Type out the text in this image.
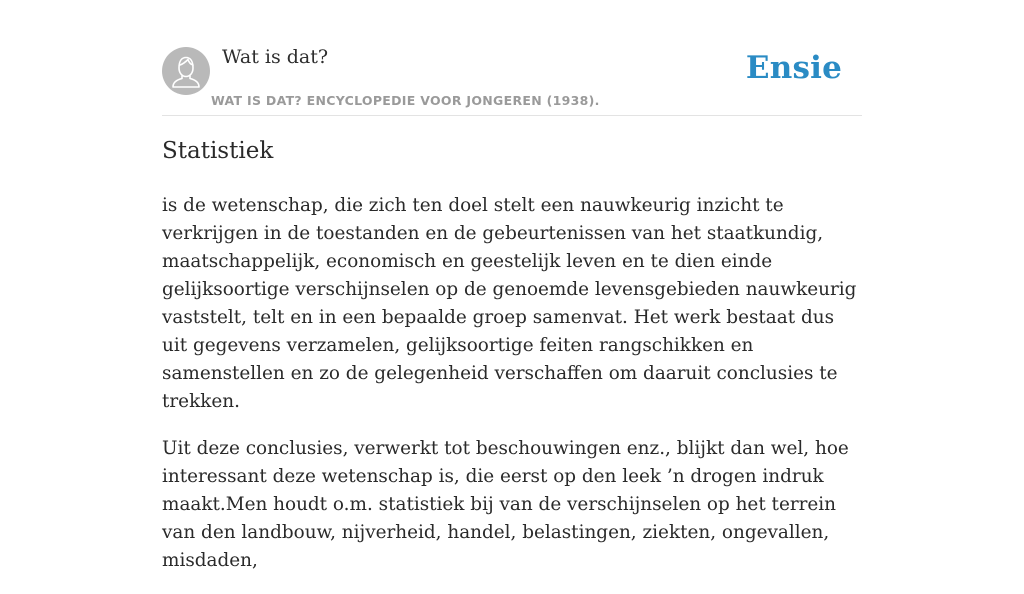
Wat is dat?
WAT IS DAT? ENCYCLOPEDIE VOOR JONGEREN (1938).
Ensie
Statistiek

is de wetenschap, die zich ten doel stelt een nauwkeurig inzicht te verkrijgen in de toestanden en de gebeurtenissen van het staatkundig, maatschappelijk, economisch en geestelijk leven en te dien einde gelijksoortige verschijnselen op de genoemde levensgebieden nauwkeurig vaststelt, telt en in een bepaalde groep samenvat. Het werk bestaat dus uit gegevens verzamelen, gelijksoortige feiten rangschikken en samenstellen en zo de gelegenheid verschaffen om daaruit conclusies te trekken.

Uit deze conclusies, verwerkt tot beschouwingen enz., blijkt dan wel, hoe interessant deze wetenschap is, die eerst op den leek ’n drogen indruk maakt.Men houdt o.m. statistiek bij van de verschijnselen op het terrein van den landbouw, nijverheid, handel, belastingen, ziekten, ongevallen, misdaden,
